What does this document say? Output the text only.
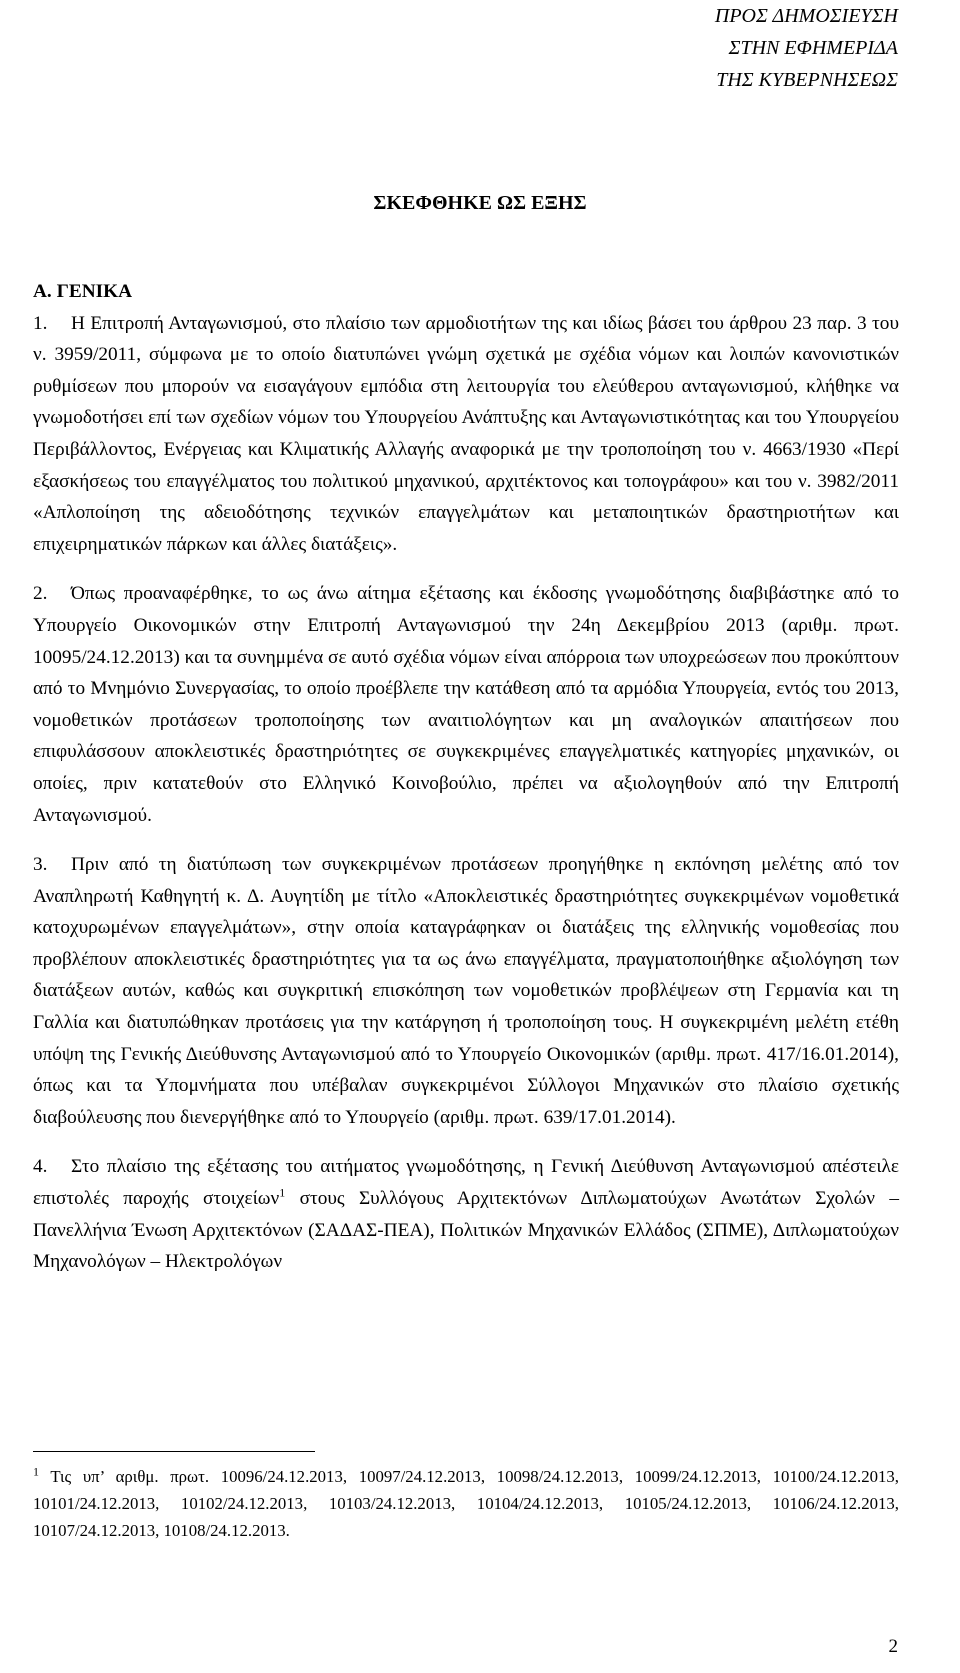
ΠΡΟΣ ΔΗΜΟΣΙΕΥΣΗ
ΣΤΗΝ ΕΦΗΜΕΡΙΔΑ
ΤΗΣ ΚΥΒΕΡΝΗΣΕΩΣ
ΣΚΕΦΘΗΚΕ ΩΣ ΕΞΗΣ

Α. ΓΕΝΙΚΑ

1. Η Επιτροπή Ανταγωνισμού, στο πλαίσιο των αρμοδιοτήτων της και ιδίως βάσει του άρθρου 23 παρ. 3 του ν. 3959/2011, σύμφωνα με το οποίο διατυπώνει γνώμη σχετικά με σχέδια νόμων και λοιπών κανονιστικών ρυθμίσεων που μπορούν να εισαγάγουν εμπόδια στη λειτουργία του ελεύθερου ανταγωνισμού, κλήθηκε να γνωμοδοτήσει επί των σχεδίων νόμων του Υπουργείου Ανάπτυξης και Ανταγωνιστικότητας και του Υπουργείου Περιβάλλοντος, Ενέργειας και Κλιματικής Αλλαγής αναφορικά με την τροποποίηση του ν. 4663/1930 «Περί εξασκήσεως του επαγγέλματος του πολιτικού μηχανικού, αρχιτέκτονος και τοπογράφου» και του ν. 3982/2011 «Απλοποίηση της αδειοδότησης τεχνικών επαγγελμάτων και μεταποιητικών δραστηριοτήτων και επιχειρηματικών πάρκων και άλλες διατάξεις».

2. Όπως προαναφέρθηκε, το ως άνω αίτημα εξέτασης και έκδοσης γνωμοδότησης διαβιβάστηκε από το Υπουργείο Οικονομικών στην Επιτροπή Ανταγωνισμού την 24η Δεκεμβρίου 2013 (αριθμ. πρωτ. 10095/24.12.2013) και τα συνημμένα σε αυτό σχέδια νόμων είναι απόρροια των υποχρεώσεων που προκύπτουν από το Μνημόνιο Συνεργασίας, το οποίο προέβλεπε την κατάθεση από τα αρμόδια Υπουργεία, εντός του 2013, νομοθετικών προτάσεων τροποποίησης των αναιτιολόγητων και μη αναλογικών απαιτήσεων που επιφυλάσσουν αποκλειστικές δραστηριότητες σε συγκεκριμένες επαγγελματικές κατηγορίες μηχανικών, οι οποίες, πριν κατατεθούν στο Ελληνικό Κοινοβούλιο, πρέπει να αξιολογηθούν από την Επιτροπή Ανταγωνισμού.

3. Πριν από τη διατύπωση των συγκεκριμένων προτάσεων προηγήθηκε η εκπόνηση μελέτης από τον Αναπληρωτή Καθηγητή κ. Δ. Αυγητίδη με τίτλο «Αποκλειστικές δραστηριότητες συγκεκριμένων νομοθετικά κατοχυρωμένων επαγγελμάτων», στην οποία καταγράφηκαν οι διατάξεις της ελληνικής νομοθεσίας που προβλέπουν αποκλειστικές δραστηριότητες για τα ως άνω επαγγέλματα, πραγματοποιήθηκε αξιολόγηση των διατάξεων αυτών, καθώς και συγκριτική επισκόπηση των νομοθετικών προβλέψεων στη Γερμανία και τη Γαλλία και διατυπώθηκαν προτάσεις για την κατάργηση ή τροποποίηση τους. Η συγκεκριμένη μελέτη ετέθη υπόψη της Γενικής Διεύθυνσης Ανταγωνισμού από το Υπουργείο Οικονομικών (αριθμ. πρωτ. 417/16.01.2014), όπως και τα Υπομνήματα που υπέβαλαν συγκεκριμένοι Σύλλογοι Μηχανικών στο πλαίσιο σχετικής διαβούλευσης που διενεργήθηκε από το Υπουργείο (αριθμ. πρωτ. 639/17.01.2014).

4. Στο πλαίσιο της εξέτασης του αιτήματος γνωμοδότησης, η Γενική Διεύθυνση Ανταγωνισμού απέστειλε επιστολές παροχής στοιχείων$^1$ στους Συλλόγους Αρχιτεκτόνων Διπλωματούχων Ανωτάτων Σχολών – Πανελλήνια Ένωση Αρχιτεκτόνων (ΣΑΔΑΣ-ΠΕΑ), Πολιτικών Μηχανικών Ελλάδος (ΣΠΜΕ), Διπλωματούχων Μηχανολόγων – Ηλεκτρολόγων

$^1$ Τις υπ’ αριθμ. πρωτ. 10096/24.12.2013, 10097/24.12.2013, 10098/24.12.2013, 10099/24.12.2013, 10100/24.12.2013, 10101/24.12.2013, 10102/24.12.2013, 10103/24.12.2013, 10104/24.12.2013, 10105/24.12.2013, 10106/24.12.2013, 10107/24.12.2013, 10108/24.12.2013.
2
